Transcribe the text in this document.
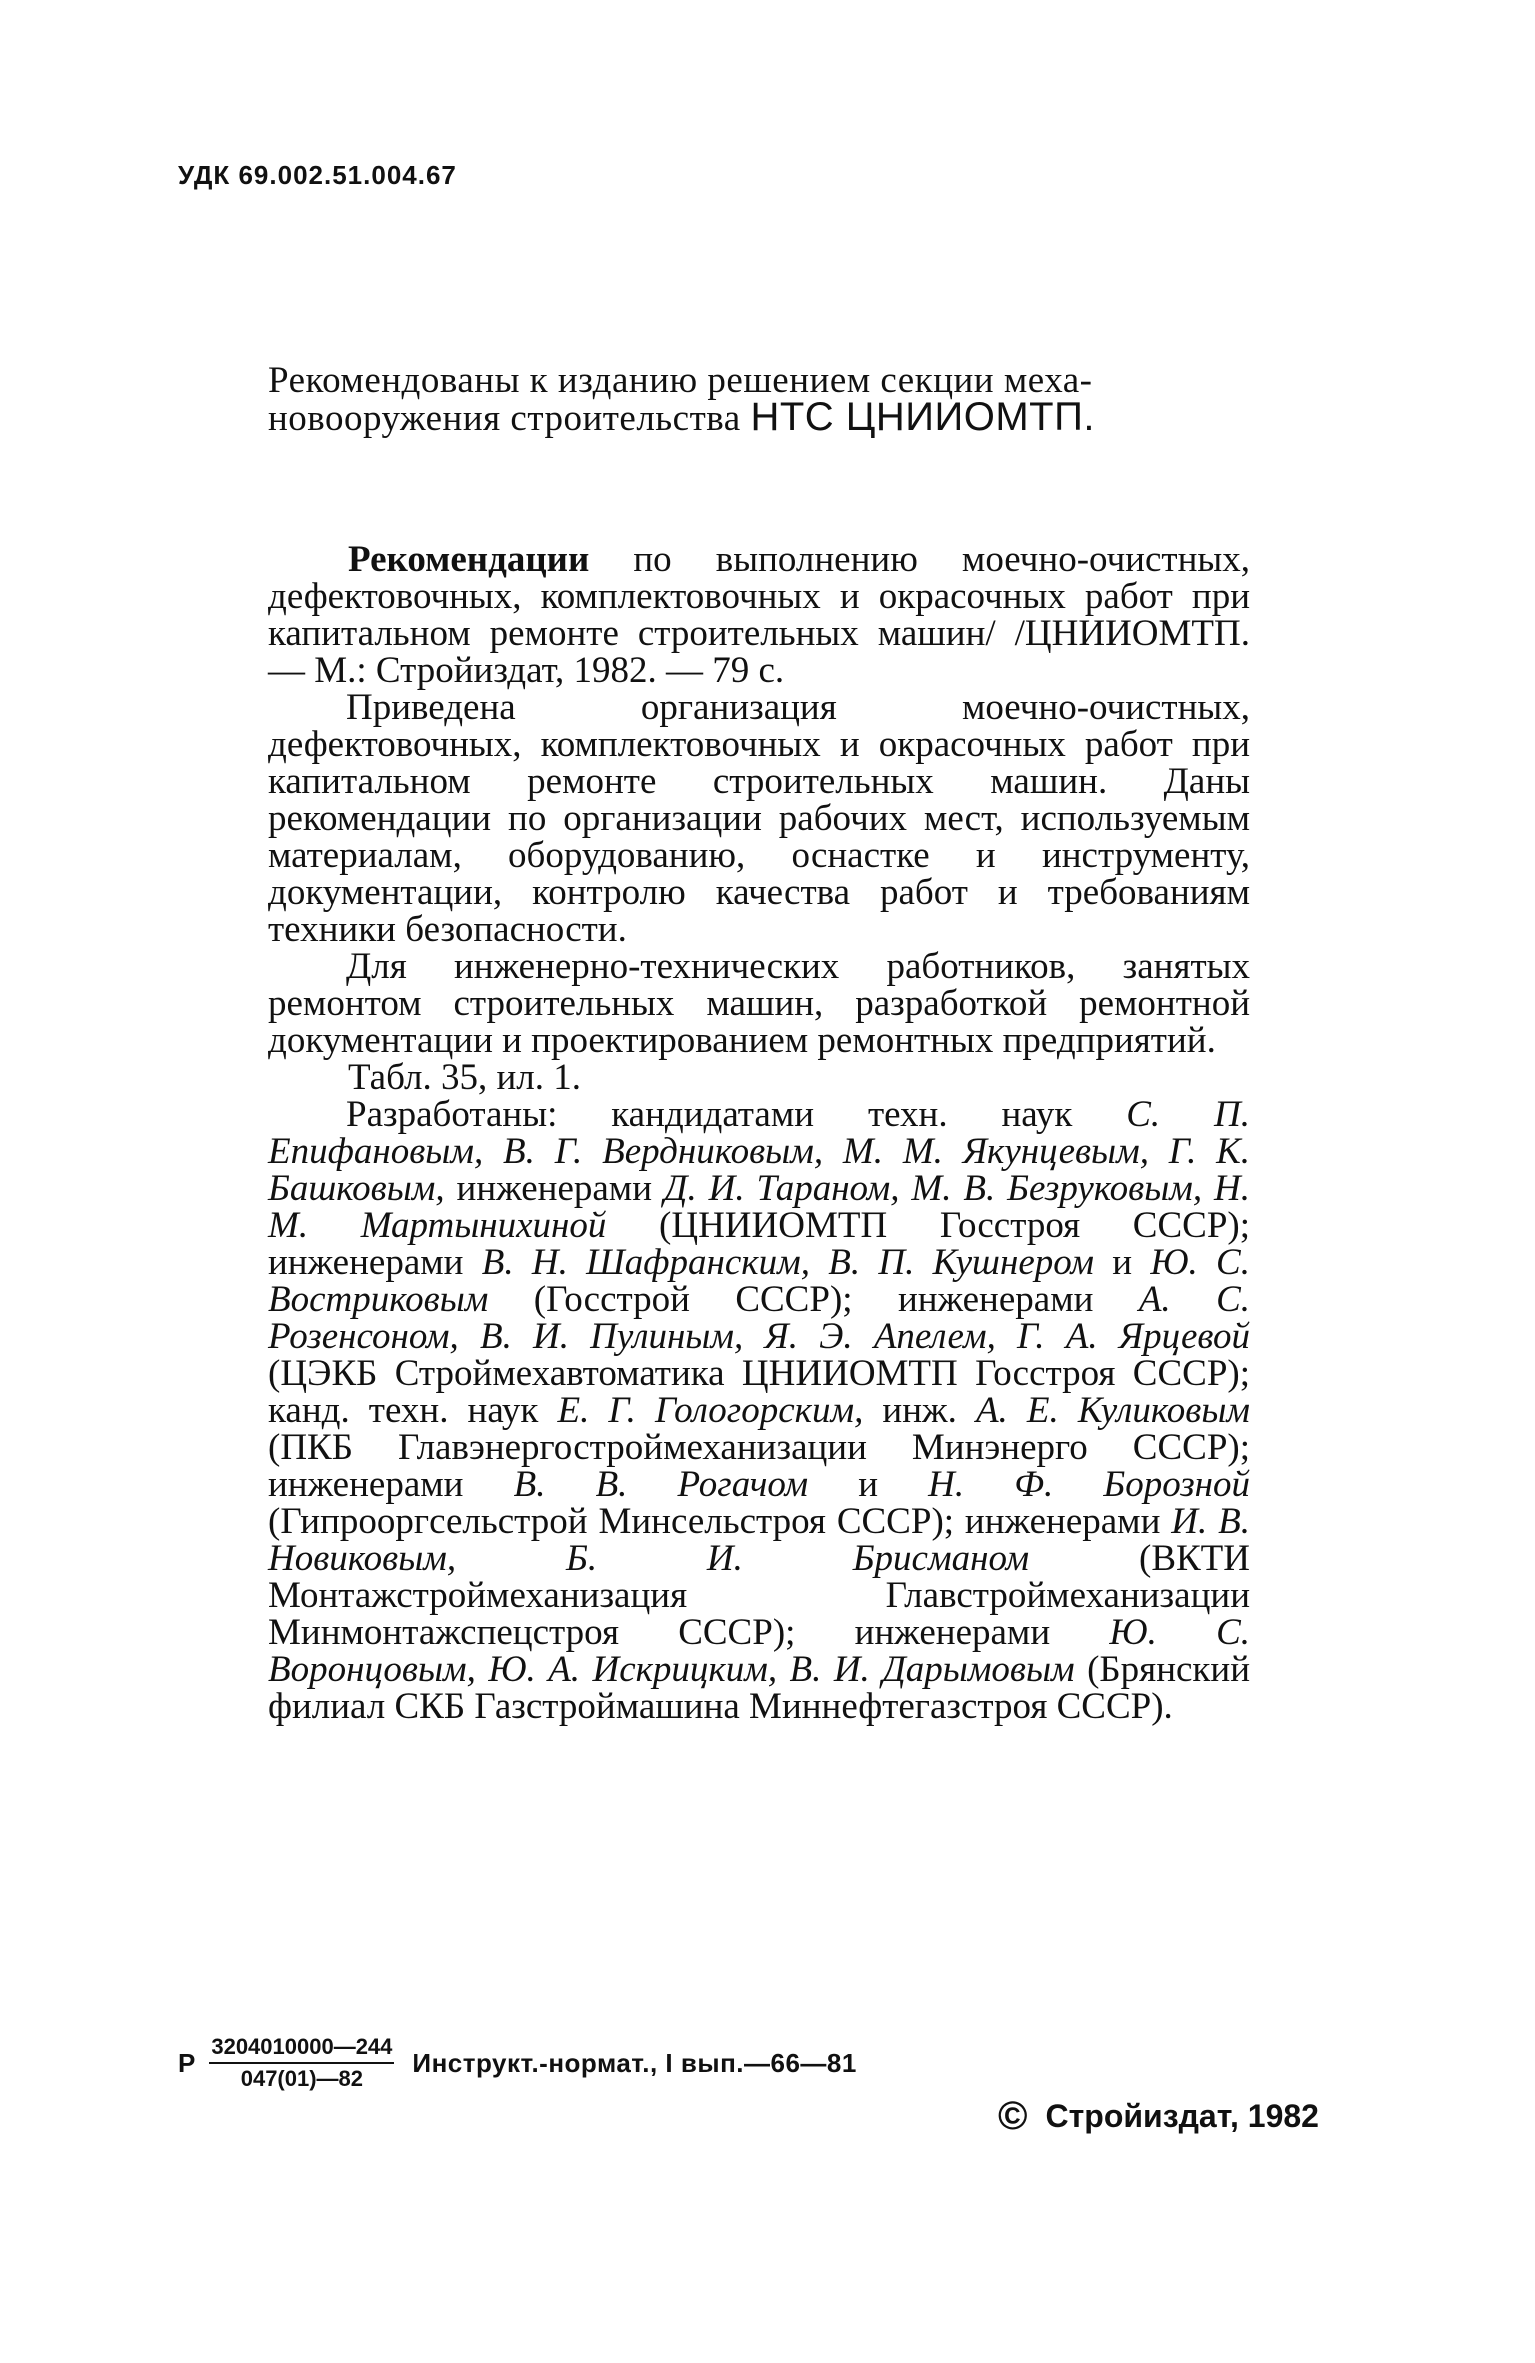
УДК 69.002.51.004.67
Рекомендованы к изданию решением секции меха-
новооружения строительства НТС ЦНИИОМТП.

Рекомендации по выполнению моечно-очистных, дефектовочных, комплектовочных и окрасочных работ при капитальном ремонте строительных машин/ /ЦНИИОМТП. — М.: Стройиздат, 1982. — 79 с.

Приведена организация моечно-очистных, дефектовочных, комплектовочных и окрасочных работ при капитальном ремонте строительных машин. Даны рекомендации по организации рабочих мест, используемым материалам, оборудованию, оснастке и инструменту, документации, контролю качества работ и требованиям техники безопасности.

Для инженерно-технических работников, занятых ремонтом строительных машин, разработкой ремонтной документации и проектированием ремонтных предприятий.

Табл. 35, ил. 1.

Разработаны: кандидатами техн. наук С. П. Епифановым, В. Г. Вердниковым, М. М. Якунцевым, Г. К. Башковым, инженерами Д. И. Тараном, М. В. Безруковым, Н. М. Мартынихиной (ЦНИИОМТП Госстроя СССР); инженерами В. Н. Шафранским, В. П. Кушнером и Ю. С. Востриковым (Госстрой СССР); инженерами А. С. Розенсоном, В. И. Пулиным, Я. Э. Апелем, Г. А. Ярцевой (ЦЭКБ Строймехавтоматика ЦНИИОМТП Госстроя СССР); канд. техн. наук Е. Г. Гологорским, инж. А. Е. Куликовым (ПКБ Главэнергостроймеханизации Минэнерго СССР); инженерами В. В. Рогачом и Н. Ф. Борозной (Гипрооргсельстрой Минсельстроя СССР); инженерами И. В. Новиковым, Б. И. Брисманом (ВКТИ Монтажстроймеханизация Главстроймеханизации Минмонтажспецстроя СССР); инженерами Ю. С. Воронцовым, Ю. А. Искрицким, В. И. Дарымовым (Брянский филиал СКБ Газстроймашина Миннефтегазстроя СССР).

Р $\frac{3204010000—244}{047(01)—82}$ Инструкт.-нормат., I вып.—66—81
© Стройиздат, 1982
